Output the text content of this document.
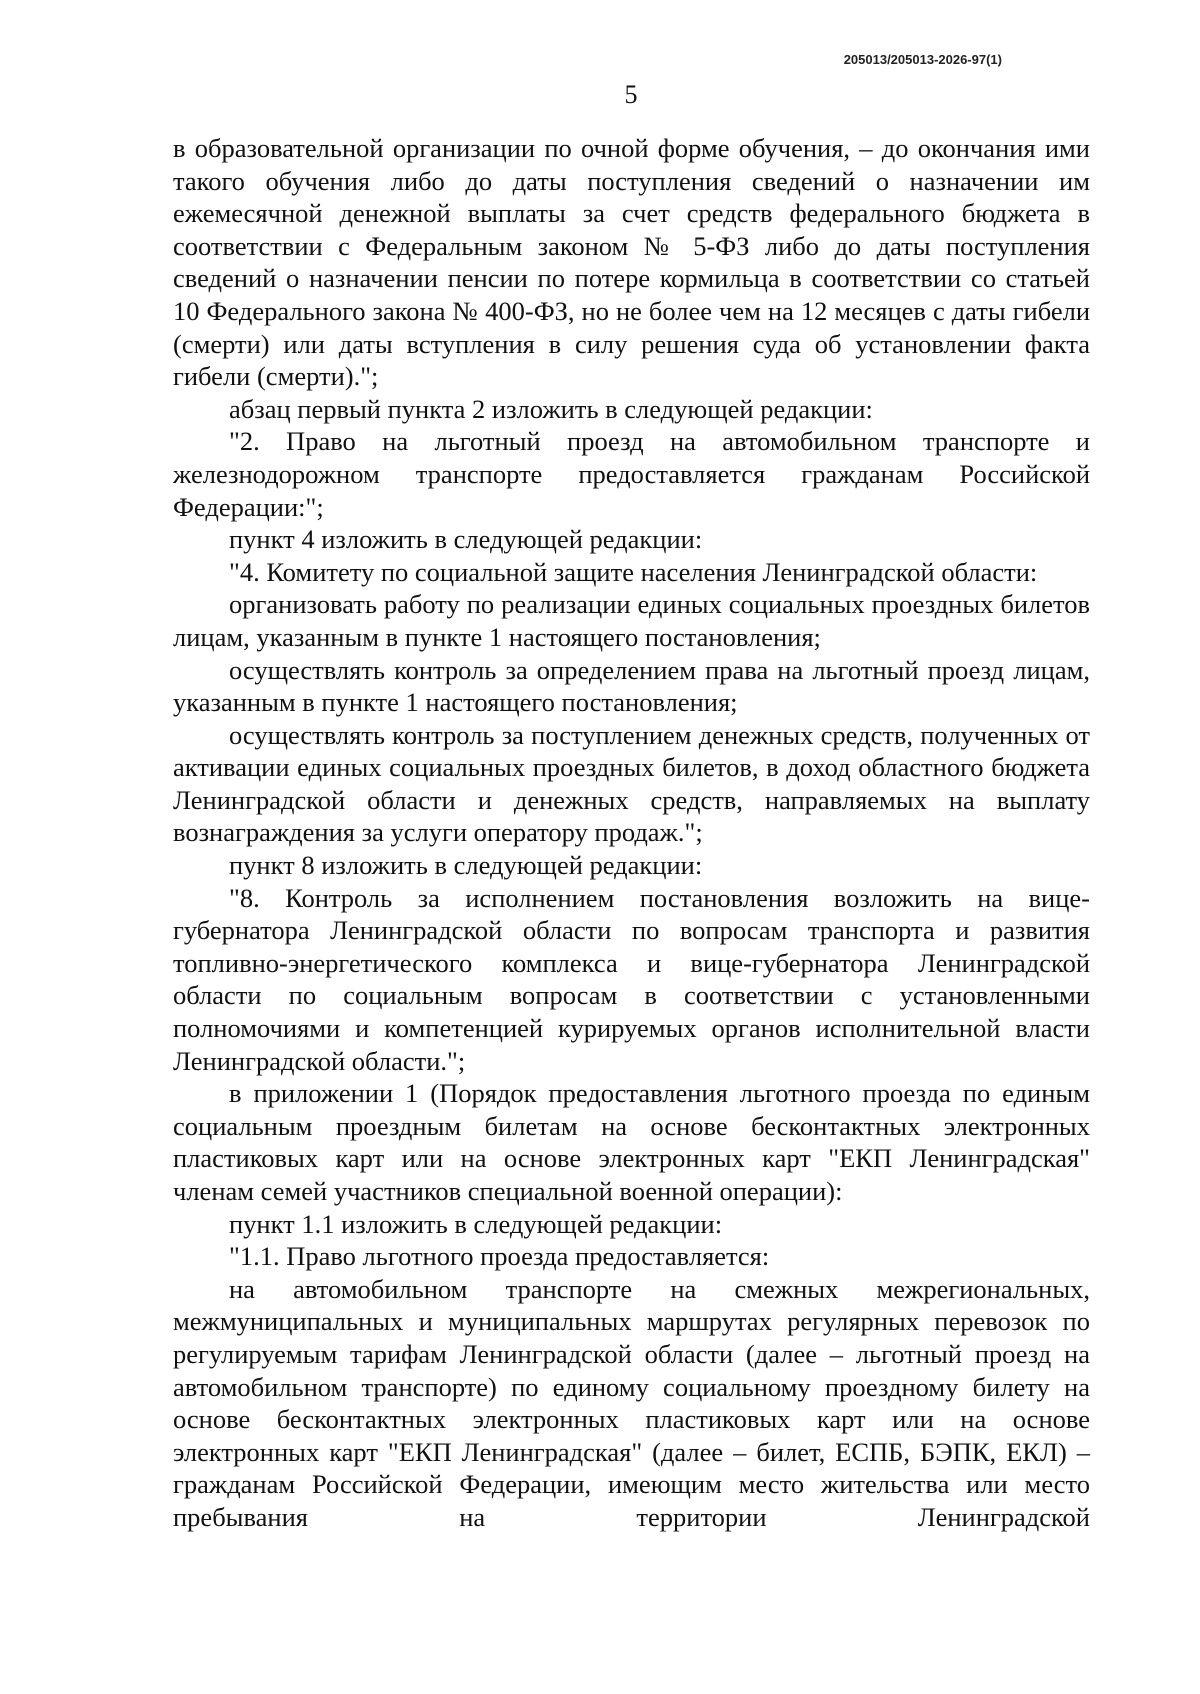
205013/205013-2026-97(1)
5

в образовательной организации по очной форме обучения, – до окончания ими такого обучения либо до даты поступления сведений о назначении им ежемесячной денежной выплаты за счет средств федерального бюджета в соответствии с Федеральным законом № 5-ФЗ либо до даты поступления сведений о назначении пенсии по потере кормильца в соответствии со статьей 10 Федерального закона № 400-ФЗ, но не более чем на 12 месяцев с даты гибели (смерти) или даты вступления в силу решения суда об установлении факта гибели (смерти).";

абзац первый пункта 2 изложить в следующей редакции:

"2. Право на льготный проезд на автомобильном транспорте и железнодорожном транспорте предоставляется гражданам Российской Федерации:";

пункт 4 изложить в следующей редакции:

"4. Комитету по социальной защите населения Ленинградской области:

организовать работу по реализации единых социальных проездных билетов лицам, указанным в пункте 1 настоящего постановления;

осуществлять контроль за определением права на льготный проезд лицам, указанным в пункте 1 настоящего постановления;

осуществлять контроль за поступлением денежных средств, полученных от активации единых социальных проездных билетов, в доход областного бюджета Ленинградской области и денежных средств, направляемых на выплату вознаграждения за услуги оператору продаж.";

пункт 8 изложить в следующей редакции:

"8. Контроль за исполнением постановления возложить на вице-губернатора Ленинградской области по вопросам транспорта и развития топливно-энергетического комплекса и вице-губернатора Ленинградской области по социальным вопросам в соответствии с установленными полномочиями и компетенцией курируемых органов исполнительной власти Ленинградской области.";

в приложении 1 (Порядок предоставления льготного проезда по единым социальным проездным билетам на основе бесконтактных электронных пластиковых карт или на основе электронных карт "ЕКП Ленинградская" членам семей участников специальной военной операции):

пункт 1.1 изложить в следующей редакции:

"1.1. Право льготного проезда предоставляется:

на автомобильном транспорте на смежных межрегиональных, межмуниципальных и муниципальных маршрутах регулярных перевозок по регулируемым тарифам Ленинградской области (далее – льготный проезд на автомобильном транспорте) по единому социальному проездному билету на основе бесконтактных электронных пластиковых карт или на основе электронных карт "ЕКП Ленинградская" (далее – билет, ЕСПБ, БЭПК, ЕКЛ) – гражданам Российской Федерации, имеющим место жительства или место пребывания на территории Ленинградской
